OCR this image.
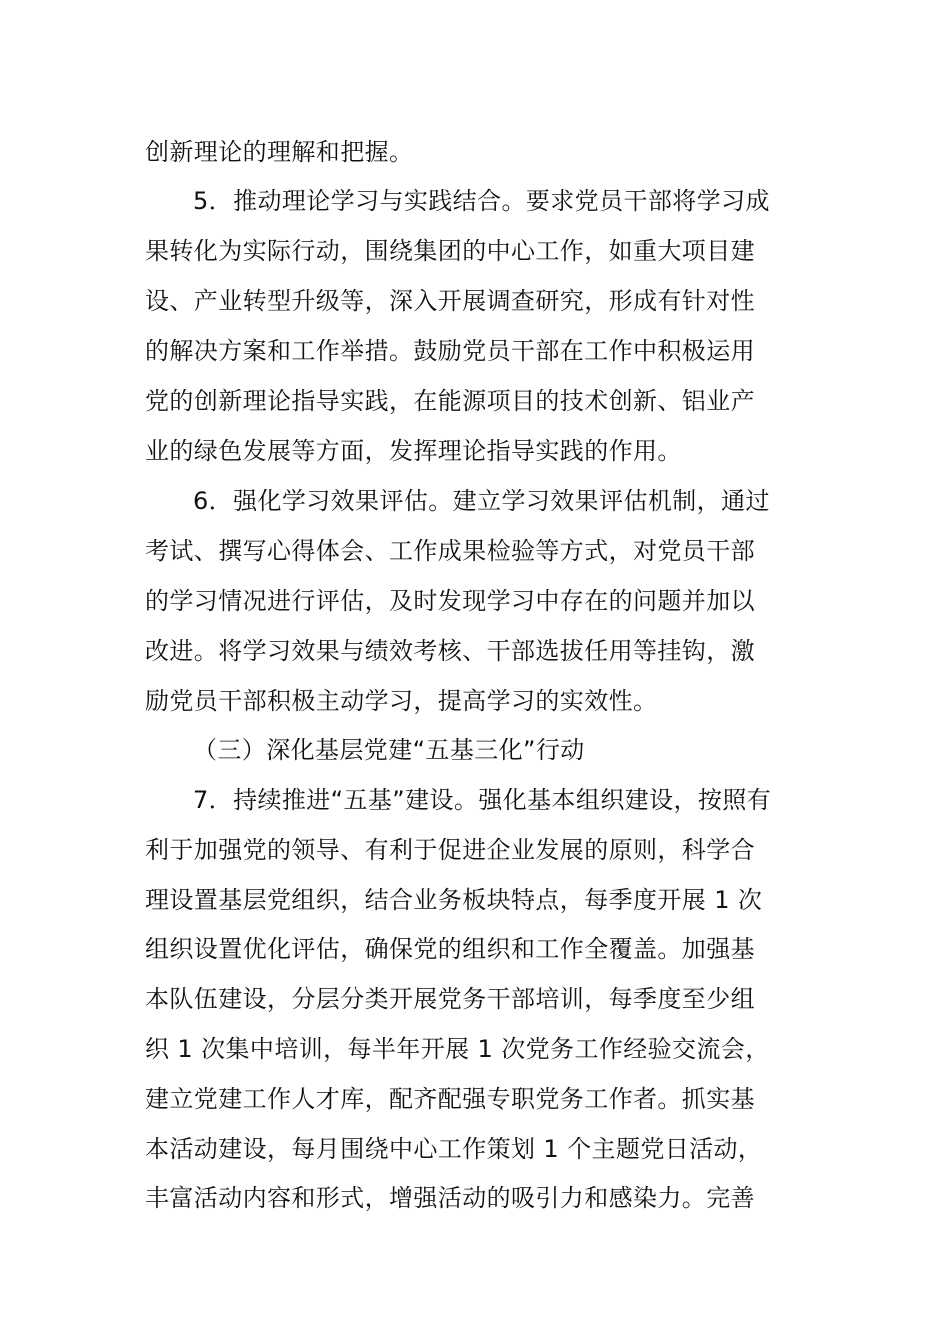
创新理论的理解和把握。
5．推动理论学习与实践结合。要求党员干部将学习成
果转化为实际行动，围绕集团的中心工作，如重大项目建
设、产业转型升级等，深入开展调查研究，形成有针对性
的解决方案和工作举措。鼓励党员干部在工作中积极运用
党的创新理论指导实践，在能源项目的技术创新、铝业产
业的绿色发展等方面，发挥理论指导实践的作用。
6．强化学习效果评估。建立学习效果评估机制，通过
考试、撰写心得体会、工作成果检验等方式，对党员干部
的学习情况进行评估，及时发现学习中存在的问题并加以
改进。将学习效果与绩效考核、干部选拔任用等挂钩，激
励党员干部积极主动学习，提高学习的实效性。
（三）深化基层党建“五基三化”行动
7．持续推进“五基”建设。强化基本组织建设，按照有
利于加强党的领导、有利于促进企业发展的原则，科学合
理设置基层党组织，结合业务板块特点，每季度开展 1 次
组织设置优化评估，确保党的组织和工作全覆盖。加强基
本队伍建设，分层分类开展党务干部培训，每季度至少组
织 1 次集中培训，每半年开展 1 次党务工作经验交流会，
建立党建工作人才库，配齐配强专职党务工作者。抓实基
本活动建设，每月围绕中心工作策划 1 个主题党日活动，
丰富活动内容和形式，增强活动的吸引力和感染力。完善
